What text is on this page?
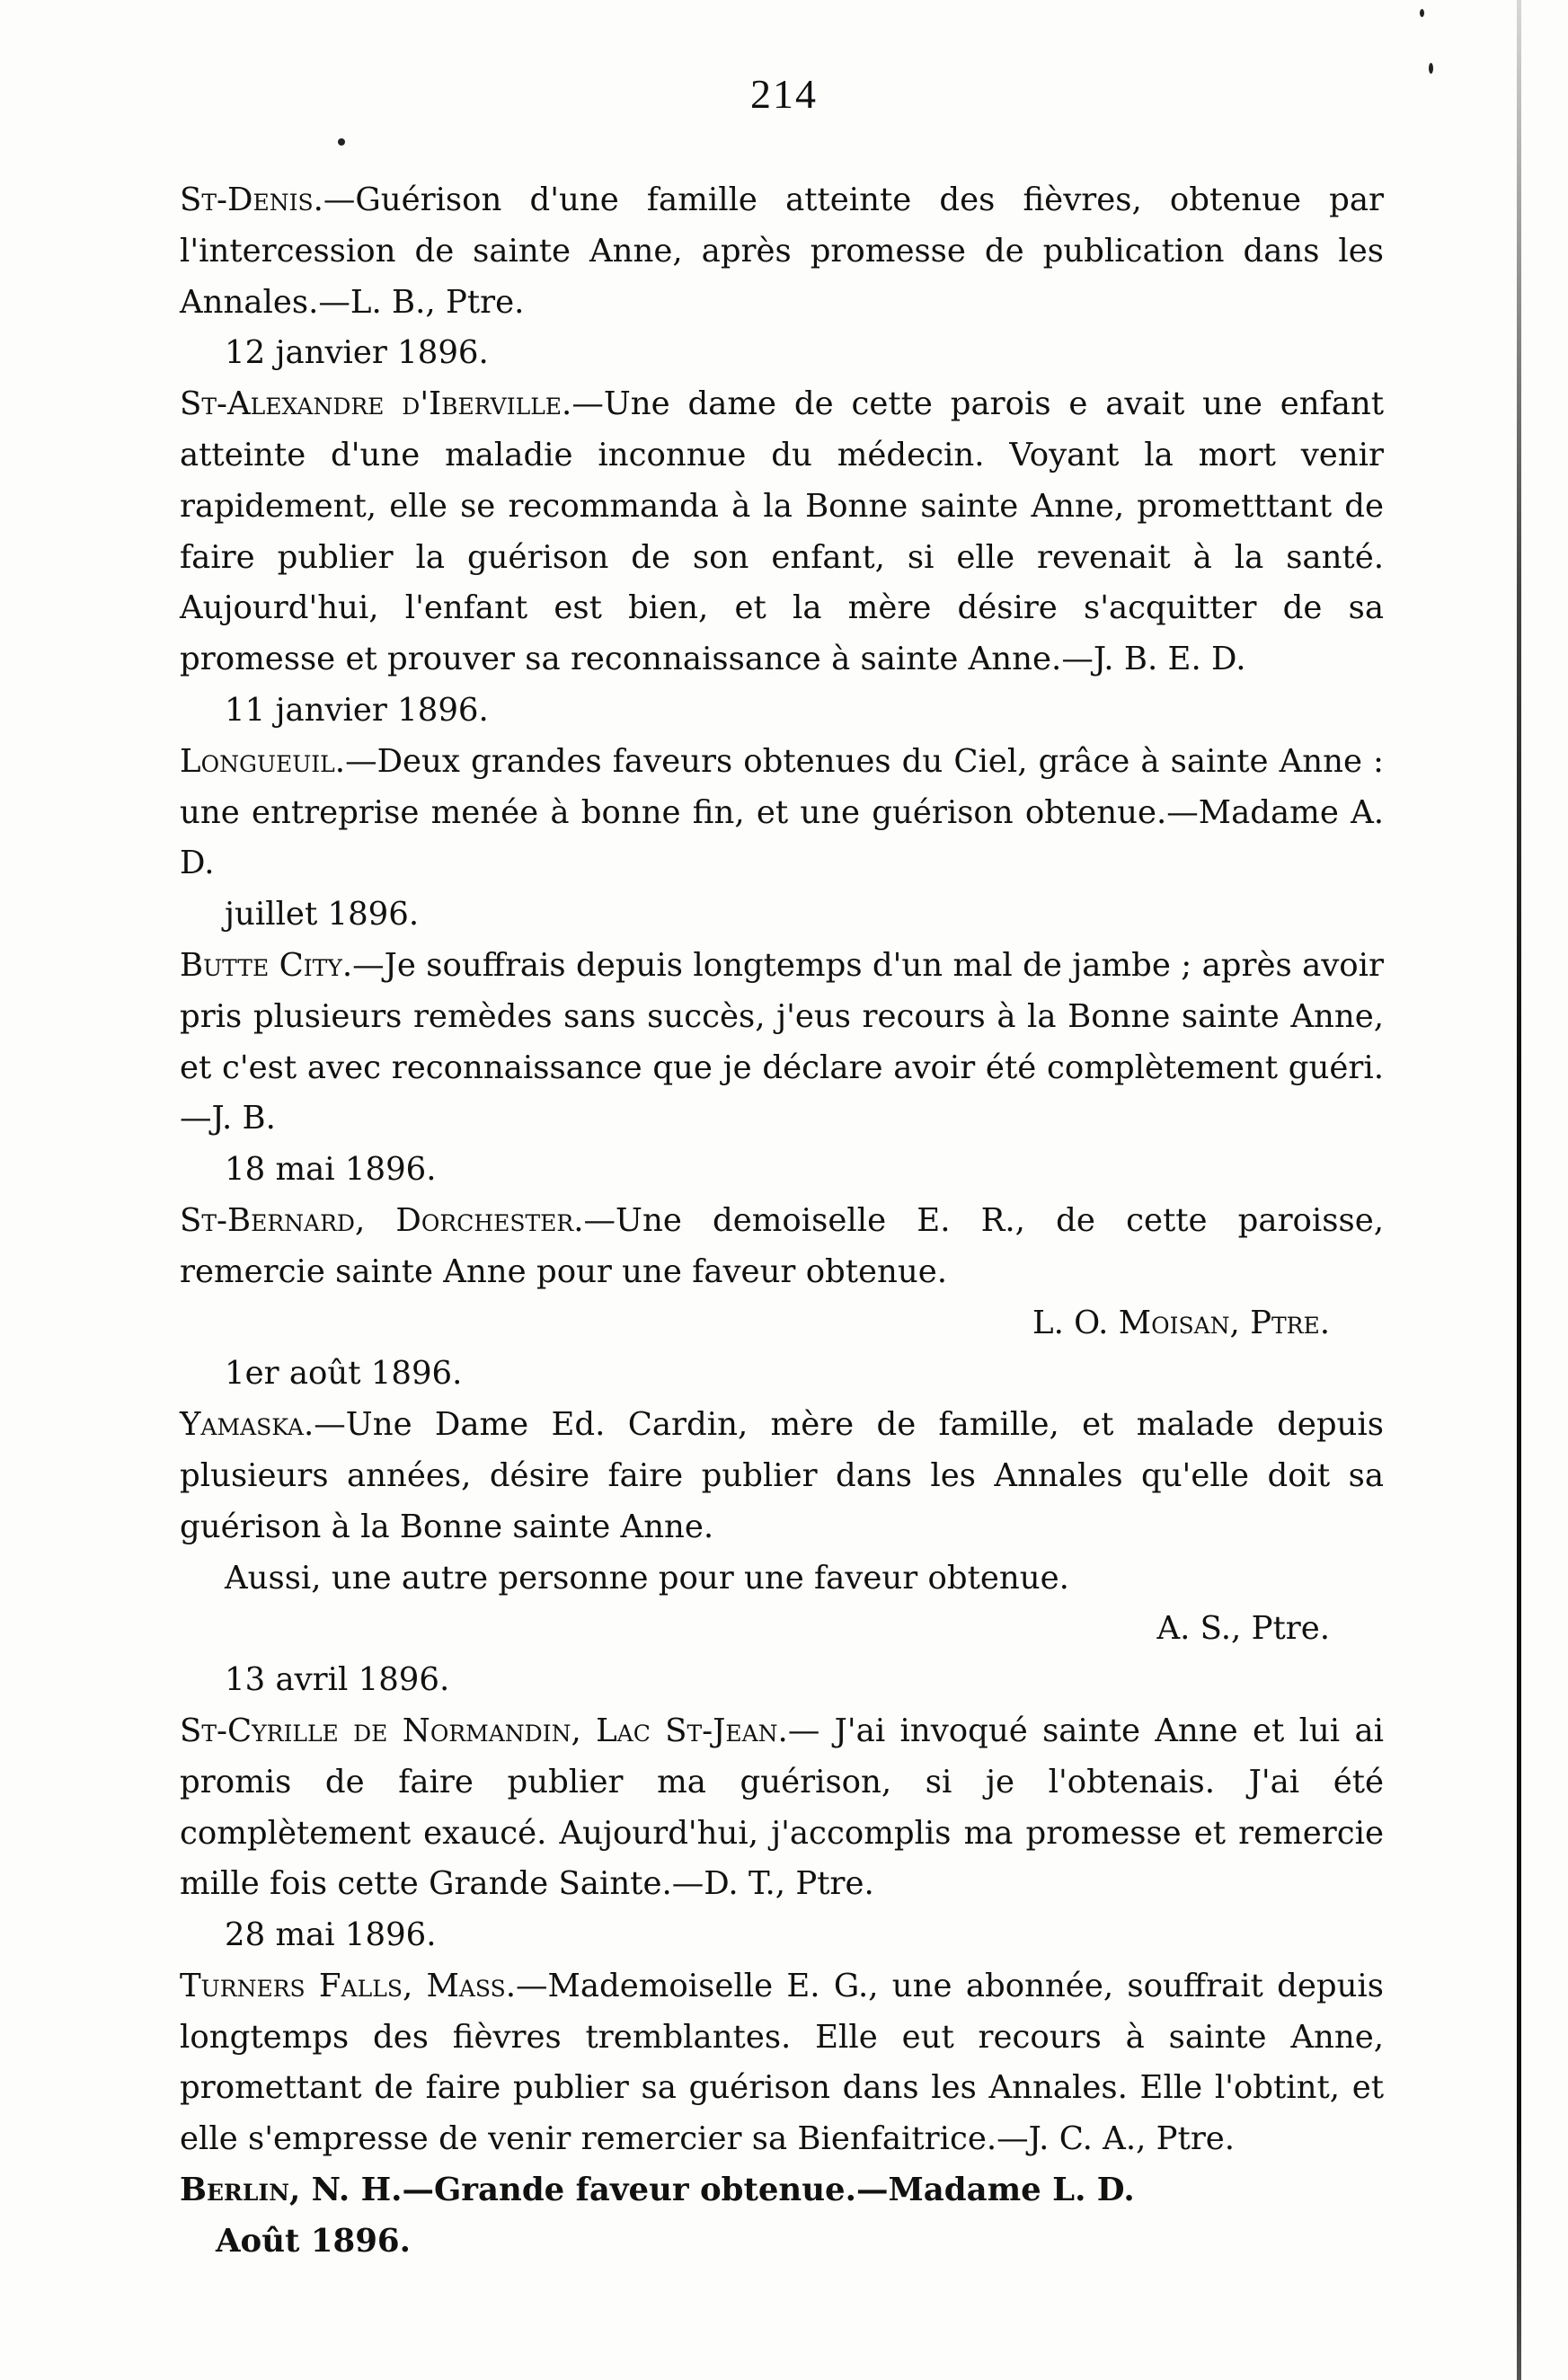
214

St-Denis.—Guérison d'une famille atteinte des fièvres, obtenue par l'intercession de sainte Anne, après promesse de publication dans les Annales.—L. B., Ptre.

12 janvier 1896.

St-Alexandre d'Iberville.—Une dame de cette parois e avait une enfant atteinte d'une maladie inconnue du médecin. Voyant la mort venir rapidement, elle se recommanda à la Bonne sainte Anne, prometttant de faire publier la guérison de son enfant, si elle revenait à la santé. Aujourd'hui, l'enfant est bien, et la mère désire s'acquitter de sa promesse et prouver sa reconnaissance à sainte Anne.—J. B. E. D.

11 janvier 1896.

Longueuil.—Deux grandes faveurs obtenues du Ciel, grâce à sainte Anne : une entreprise menée à bonne fin, et une guérison obtenue.—Madame A. D.

juillet 1896.

Butte City.—Je souffrais depuis longtemps d'un mal de jambe ; après avoir pris plusieurs remèdes sans succès, j'eus recours à la Bonne sainte Anne, et c'est avec reconnaissance que je déclare avoir été complètement guéri.—J. B.

18 mai 1896.

St-Bernard, Dorchester.—Une demoiselle E. R., de cette paroisse, remercie sainte Anne pour une faveur obtenue.

L. O. Moisan, Ptre.

1er août 1896.

Yamaska.—Une Dame Ed. Cardin, mère de famille, et malade depuis plusieurs années, désire faire publier dans les Annales qu'elle doit sa guérison à la Bonne sainte Anne.

Aussi, une autre personne pour une faveur obtenue.

A. S., Ptre.

13 avril 1896.

St-Cyrille de Normandin, Lac St-Jean.— J'ai invoqué sainte Anne et lui ai promis de faire publier ma guérison, si je l'obtenais. J'ai été complètement exaucé. Aujourd'hui, j'accomplis ma promesse et remercie mille fois cette Grande Sainte.—D. T., Ptre.

28 mai 1896.

Turners Falls, Mass.—Mademoiselle E. G., une abonnée, souffrait depuis longtemps des fièvres tremblantes. Elle eut recours à sainte Anne, promettant de faire publier sa guérison dans les Annales. Elle l'obtint, et elle s'empresse de venir remercier sa Bienfaitrice.—J. C. A., Ptre.

Berlin, N. H.—Grande faveur obtenue.—Madame L. D.

Août 1896.
